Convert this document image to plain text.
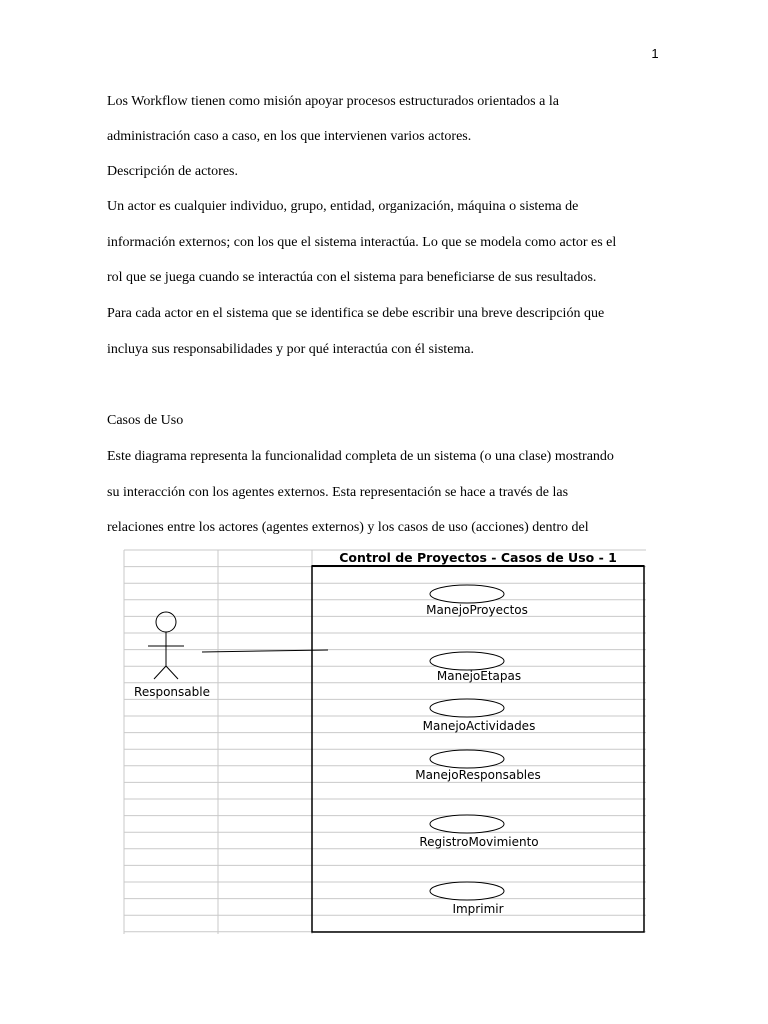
1
Los Workflow tienen como misión apoyar procesos estructurados orientados a la
administración caso a caso, en los que intervienen varios actores.
Descripción de actores.
Un actor es cualquier individuo, grupo, entidad, organización, máquina o sistema de
información externos; con los que el sistema interactúa. Lo que se modela como actor es el
rol que se juega cuando se interactúa con el sistema para beneficiarse de sus resultados.
Para cada actor en el sistema que se identifica se debe escribir una breve descripción que
incluya sus responsabilidades y por qué interactúa con él sistema.
Casos de Uso
Este diagrama representa la funcionalidad completa de un sistema (o una clase) mostrando
su interacción con los agentes externos. Esta representación se hace a través de las
relaciones entre los actores (agentes externos) y los casos de uso (acciones) dentro del
Control de Proyectos - Casos de Uso - 1
Responsable
ManejoProyectos
ManejoEtapas
ManejoActividades
ManejoResponsables
RegistroMovimiento
Imprimir
